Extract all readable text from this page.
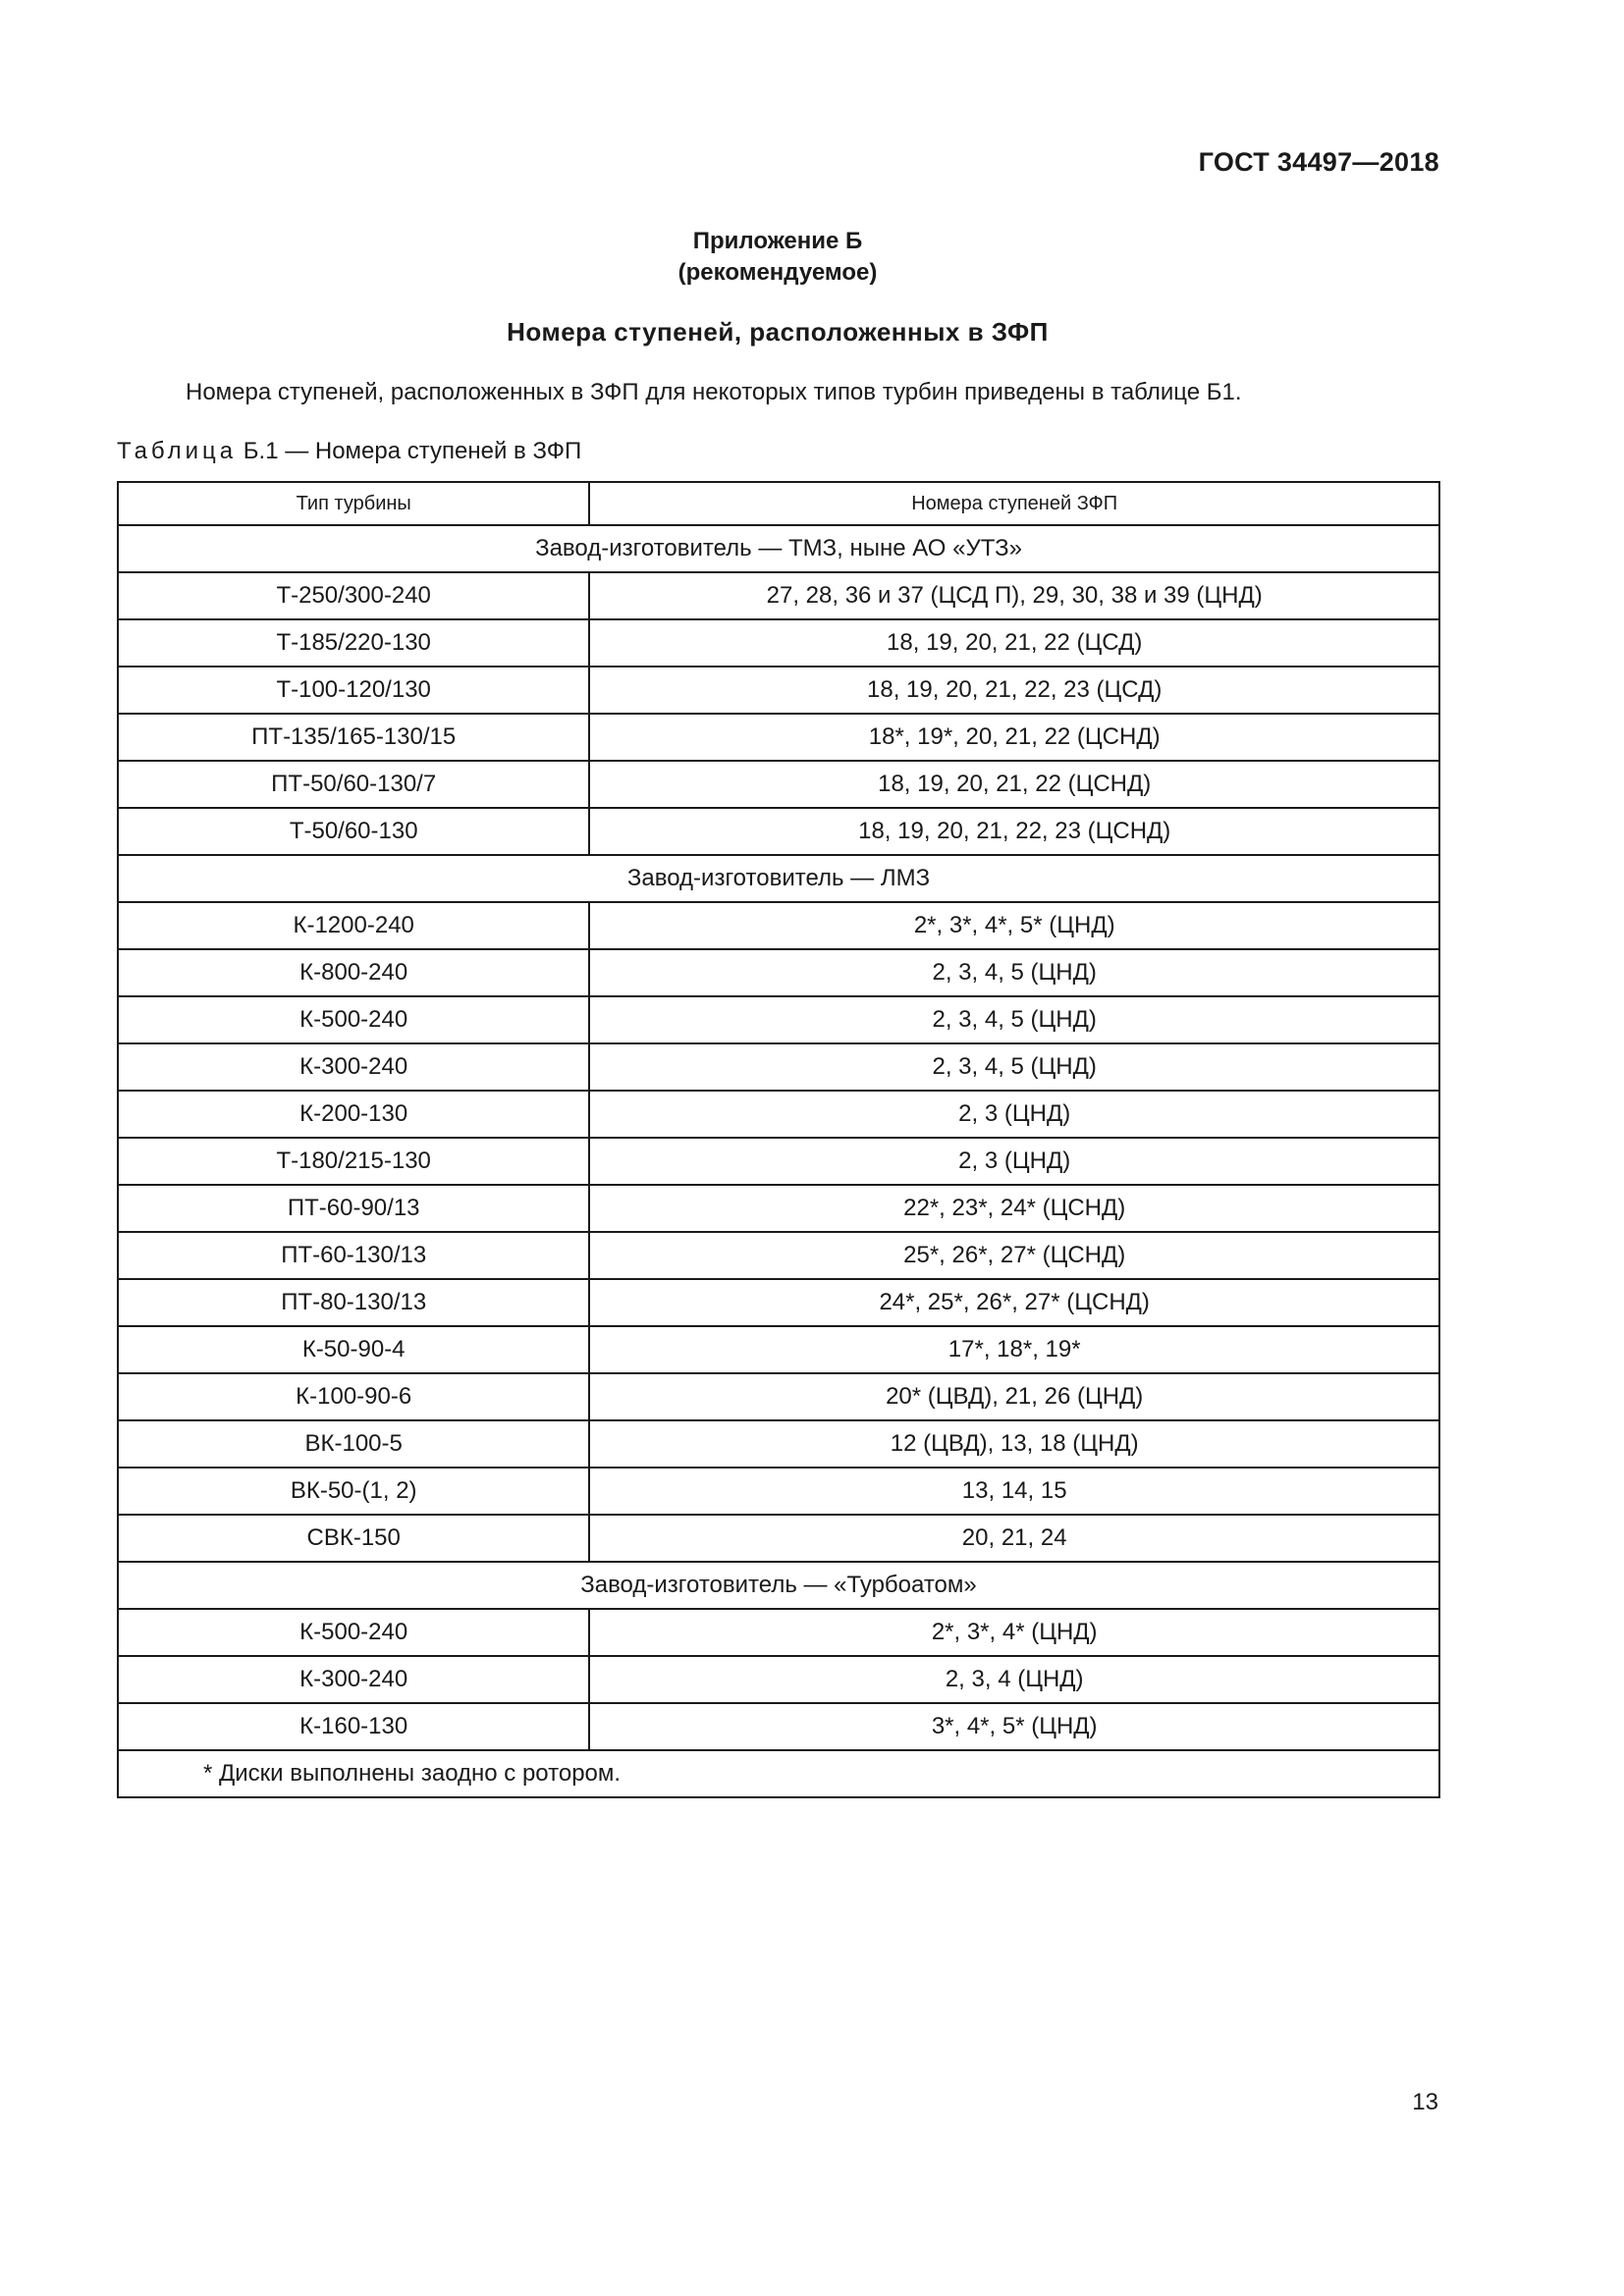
ГОСТ 34497—2018
Приложение Б
(рекомендуемое)
Номера ступеней, расположенных в ЗФП
Номера ступеней, расположенных в ЗФП для некоторых типов турбин приведены в таблице Б1.
Таблица Б.1 — Номера ступеней в ЗФП
Тип турбины	Номера ступеней ЗФП
Завод-изготовитель — ТМЗ, ныне АО «УТЗ»	
Т-250/300-240	27, 28, 36 и 37 (ЦСД П), 29, 30, 38 и 39 (ЦНД)
Т-185/220-130	18, 19, 20, 21, 22 (ЦСД)
Т-100-120/130	18, 19, 20, 21, 22, 23 (ЦСД)
ПТ-135/165-130/15	18*, 19*, 20, 21, 22 (ЦСНД)
ПТ-50/60-130/7	18, 19, 20, 21, 22 (ЦСНД)
Т-50/60-130	18, 19, 20, 21, 22, 23 (ЦСНД)
Завод-изготовитель — ЛМЗ	
К-1200-240	2*, 3*, 4*, 5* (ЦНД)
К-800-240	2, 3, 4, 5 (ЦНД)
К-500-240	2, 3, 4, 5 (ЦНД)
К-300-240	2, 3, 4, 5 (ЦНД)
К-200-130	2, 3 (ЦНД)
Т-180/215-130	2, 3 (ЦНД)
ПТ-60-90/13	22*, 23*, 24* (ЦСНД)
ПТ-60-130/13	25*, 26*, 27* (ЦСНД)
ПТ-80-130/13	24*, 25*, 26*, 27* (ЦСНД)
К-50-90-4	17*, 18*, 19*
К-100-90-6	20* (ЦВД), 21, 26 (ЦНД)
ВК-100-5	12 (ЦВД), 13, 18 (ЦНД)
ВК-50-(1, 2)	13, 14, 15
СВК-150	20, 21, 24
Завод-изготовитель — «Турбоатом»	
К-500-240	2*, 3*, 4* (ЦНД)
К-300-240	2, 3, 4 (ЦНД)
К-160-130	3*, 4*, 5* (ЦНД)
* Диски выполнены заодно с ротором.	
13
